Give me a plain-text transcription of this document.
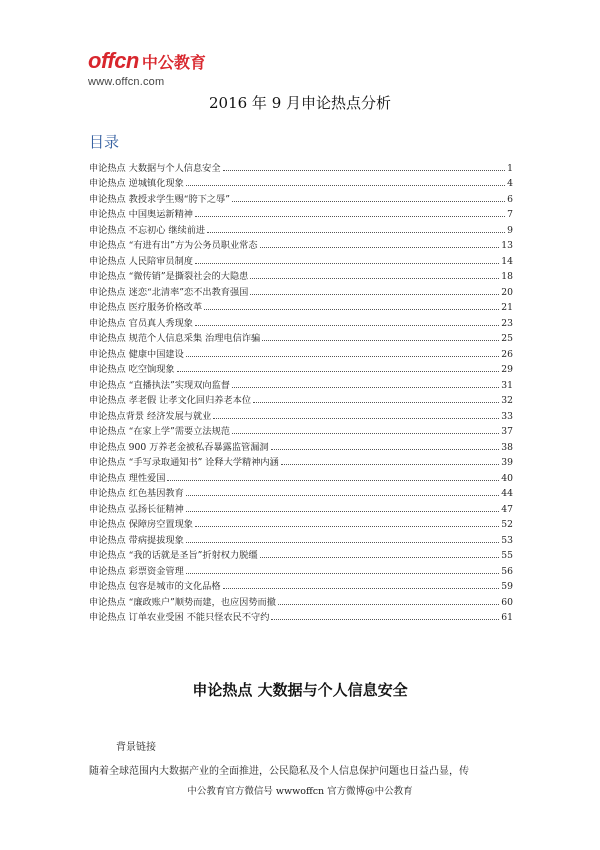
offcn 中公教育
www.offcn.com
2016 年 9 月申论热点分析
目录
申论热点 大数据与个人信息安全	1
申论热点 逆城镇化现象	4
申论热点 教授求学生赐“胯下之辱”	6
申论热点 中国奥运新精神	7
申论热点 不忘初心 继续前进	9
申论热点 “有进有出”方为公务员职业常态	13
申论热点 人民陪审员制度	14
申论热点 “微传销”是撕裂社会的大隐患	18
申论热点 迷恋“北清率”恋不出教育强国	20
申论热点 医疗服务价格改革	21
申论热点 官员真人秀现象	23
申论热点 规范个人信息采集 治理电信诈骗	25
申论热点 健康中国建设	26
申论热点 吃空饷现象	29
申论热点 “直播执法”实现双向监督	31
申论热点 孝老假 让孝文化回归养老本位	32
申论热点背景 经济发展与就业	33
申论热点 “在家上学”需要立法规范	37
申论热点 900 万养老金被私吞暴露监管漏洞	38
申论热点 “手写录取通知书” 诠释大学精神内涵	39
申论热点 理性爱国	40
申论热点 红色基因教育	44
申论热点 弘扬长征精神	47
申论热点 保障房空置现象	52
申论热点 带病提拔现象	53
申论热点 “我的话就是圣旨”折射权力脱缰	55
申论热点 彩票资金管理	56
申论热点 包容是城市的文化品格	59
申论热点 “廉政账户”顺势而建，也应因势而撤	60
申论热点 订单农业受困 不能只怪农民不守约	61
申论热点 大数据与个人信息安全
背景链接
随着全球范围内大数据产业的全面推进，公民隐私及个人信息保护问题也日益凸显，传
中公教育官方微信号 wwwoffcn 官方微博@中公教育
